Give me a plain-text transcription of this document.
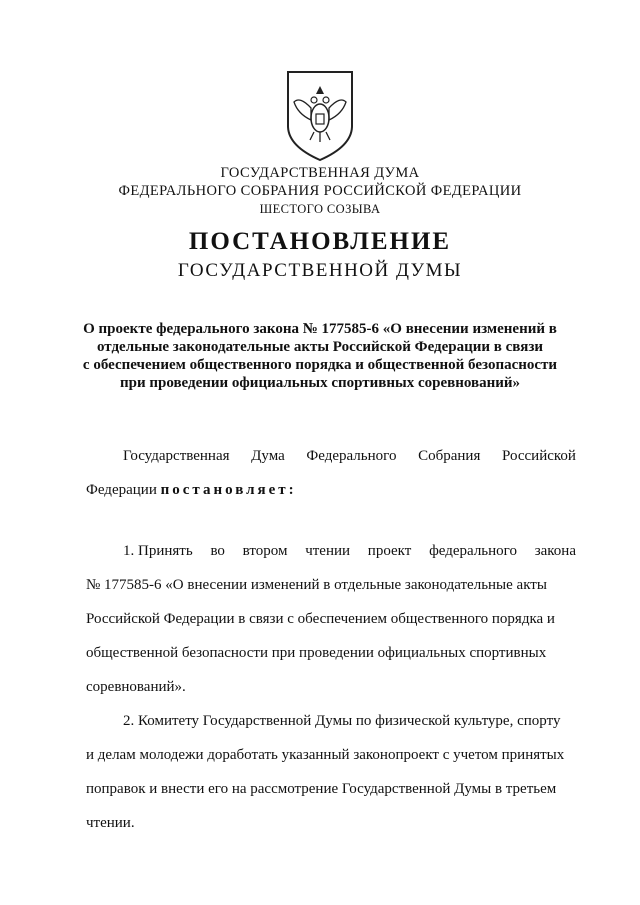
ГОСУДАРСТВЕННАЯ ДУМА
ФЕДЕРАЛЬНОГО СОБРАНИЯ РОССИЙСКОЙ ФЕДЕРАЦИИ
ШЕСТОГО СОЗЫВА
ПОСТАНОВЛЕНИЕ
ГОСУДАРСТВЕННОЙ ДУМЫ
О проекте федерального закона № 177585-6 «О внесении изменений в
отдельные законодательные акты Российской Федерации в связи
с обеспечением общественного порядка и общественной безопасности
при проведении официальных спортивных соревнований»
Государственная Дума Федерального Собрания Российской
Федерации постановляет:
1. Принять во втором чтении проект федерального закона
№ 177585-6 «О внесении изменений в отдельные законодательные акты
Российской Федерации в связи с обеспечением общественного порядка и
общественной безопасности при проведении официальных спортивных
соревнований».
2. Комитету Государственной Думы по физической культуре, спорту
и делам молодежи доработать указанный законопроект с учетом принятых
поправок и внести его на рассмотрение Государственной Думы в третьем
чтении.
